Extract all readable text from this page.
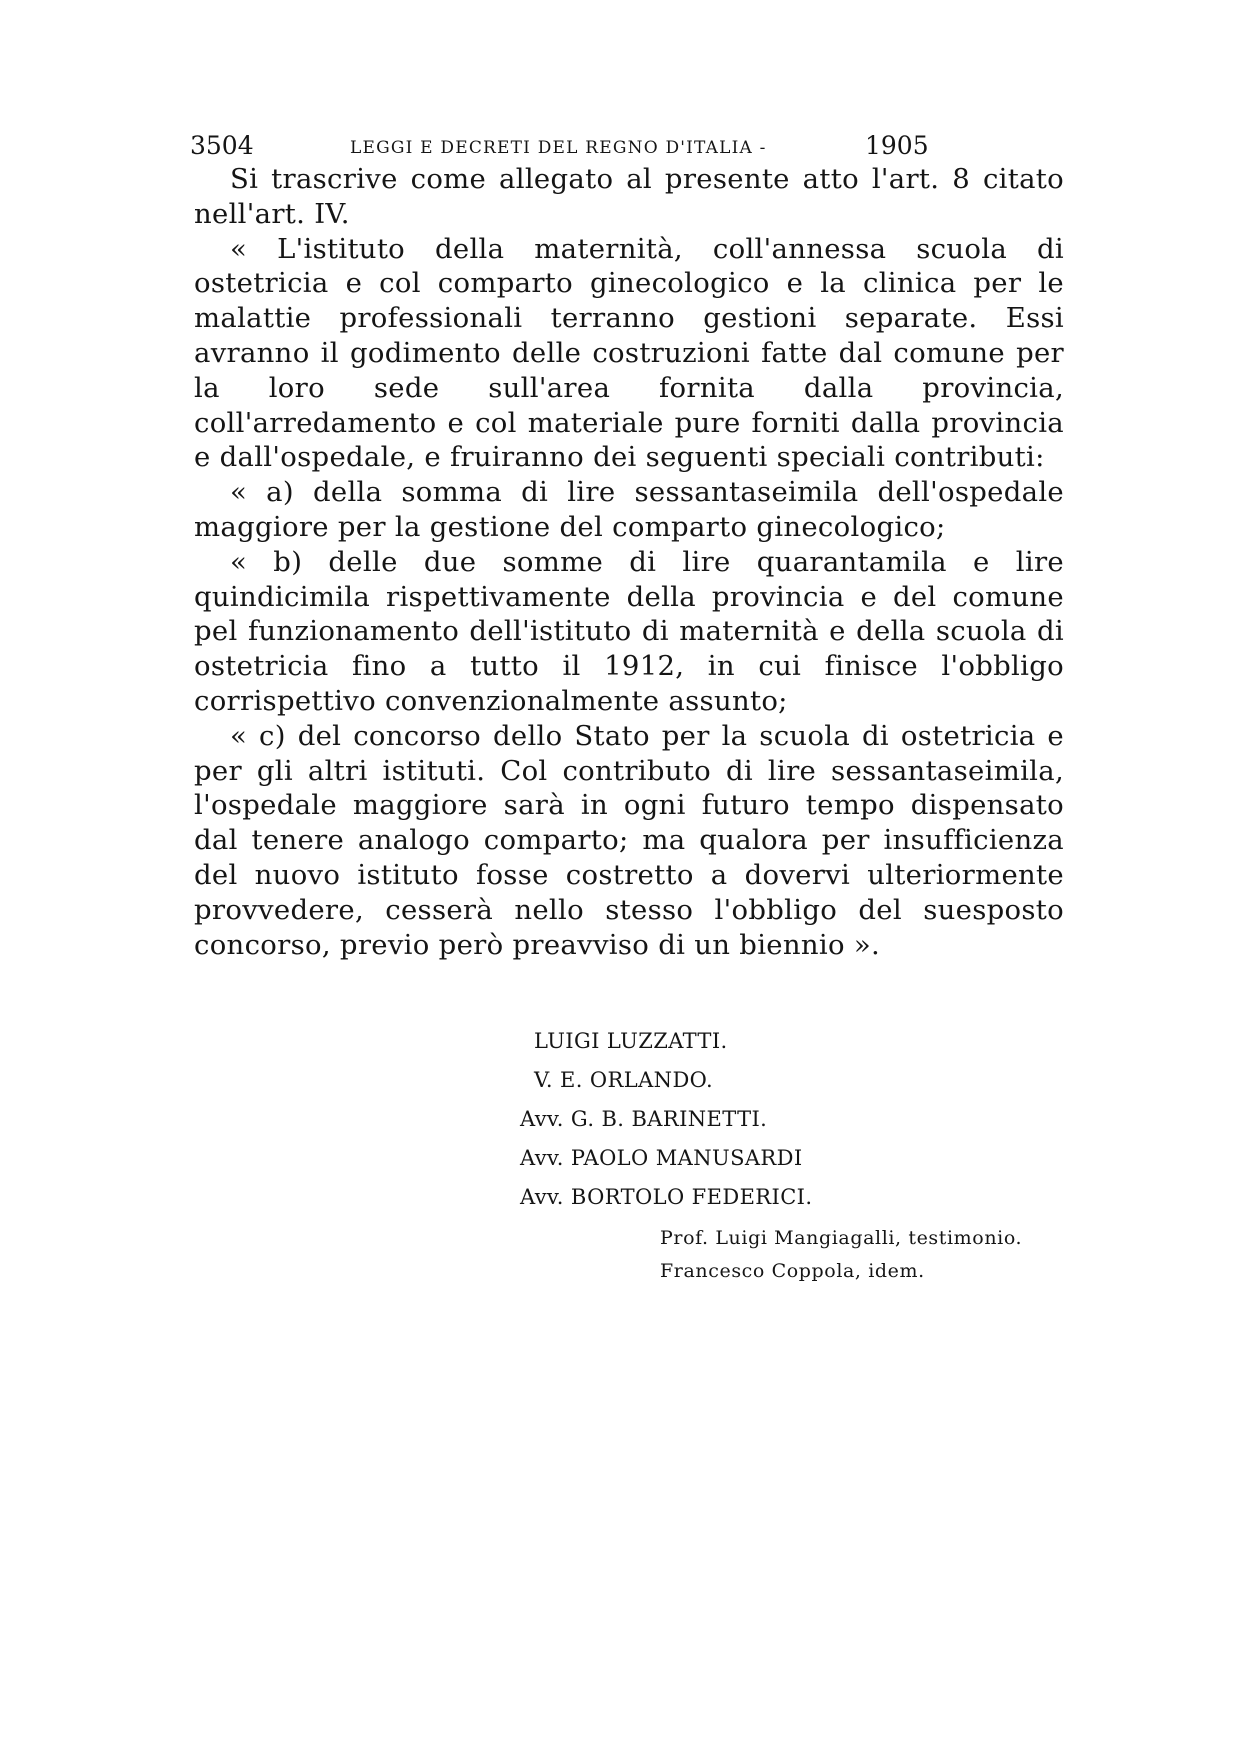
3504	LEGGI E DECRETI DEL REGNO D'ITALIA -	1905

Si trascrive come allegato al presente atto l'art. 8 citato nell'art. IV.

« L'istituto della maternità, coll'annessa scuola di ostetricia e col comparto ginecologico e la clinica per le malattie professionali terranno gestioni separate. Essi avranno il godimento delle costruzioni fatte dal comune per la loro sede sull'area fornita dalla provincia, coll'arredamento e col materiale pure forniti dalla provincia e dall'ospedale, e fruiranno dei seguenti speciali contributi:

« a) della somma di lire sessantaseimila dell'ospedale maggiore per la gestione del comparto ginecologico;

« b) delle due somme di lire quarantamila e lire quindicimila rispettivamente della provincia e del comune pel funzionamento dell'istituto di maternità e della scuola di ostetricia fino a tutto il 1912, in cui finisce l'obbligo corrispettivo convenzionalmente assunto;

« c) del concorso dello Stato per la scuola di ostetricia e per gli altri istituti. Col contributo di lire sessantaseimila, l'ospedale maggiore sarà in ogni futuro tempo dispensato dal tenere analogo comparto; ma qualora per insufficienza del nuovo istituto fosse costretto a dovervi ulteriormente provvedere, cesserà nello stesso l'obbligo del suesposto concorso, previo però preavviso di un biennio ».

LUIGI LUZZATTI.
V. E. ORLANDO.
Avv. G. B. BARINETTI.
Avv. PAOLO MANUSARDI
Avv. BORTOLO FEDERICI.
Prof. Luigi Mangiagalli, testimonio.
Francesco Coppola, idem.
